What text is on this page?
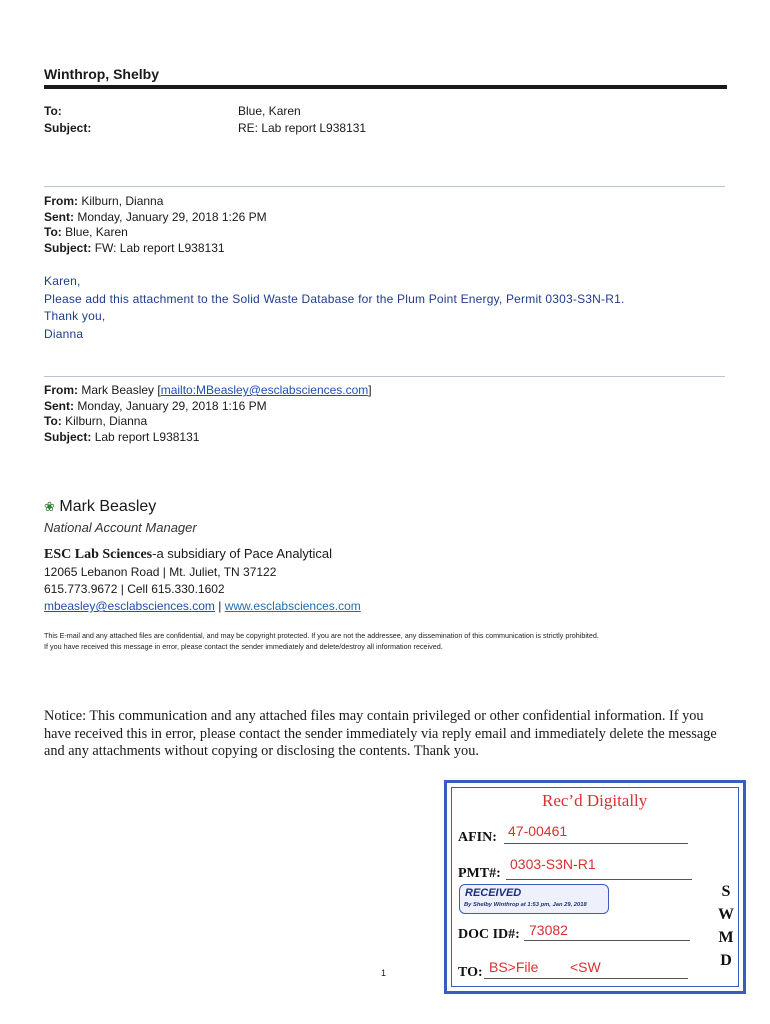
Winthrop, Shelby
To:	Blue, Karen
Subject:	RE: Lab report L938131
From: Kilburn, Dianna
Sent: Monday, January 29, 2018 1:26 PM
To: Blue, Karen
Subject: FW: Lab report L938131
Karen,
Please add this attachment to the Solid Waste Database for the Plum Point Energy, Permit 0303-S3N-R1.
Thank you,
Dianna
From: Mark Beasley [mailto:MBeasley@esclabsciences.com]
Sent: Monday, January 29, 2018 1:16 PM
To: Kilburn, Dianna
Subject: Lab report L938131
❀ Mark Beasley
National Account Manager
ESC Lab Sciences-a subsidiary of Pace Analytical
12065 Lebanon Road | Mt. Juliet, TN 37122
615.773.9672 | Cell 615.330.1602
mbeasley@esclabsciences.com | www.esclabsciences.com
This E-mail and any attached files are confidential, and may be copyright protected. If you are not the addressee, any dissemination of this communication is strictly prohibited.
If you have received this message in error, please contact the sender immediately and delete/destroy all information received.
Notice: This communication and any attached files may contain privileged or other confidential information. If you have received this in error, please contact the sender immediately via reply email and immediately delete the message and any attachments without copying or disclosing the contents. Thank you.
1
Rec’d Digitally
AFIN: 47-00461
PMT#:
0303-S3N-R1
RECEIVED
By Shelby Winthrop at 1:53 pm, Jan 29, 2018
DOC ID#: 73082
TO: BS>File <SW
S
W
M
D
